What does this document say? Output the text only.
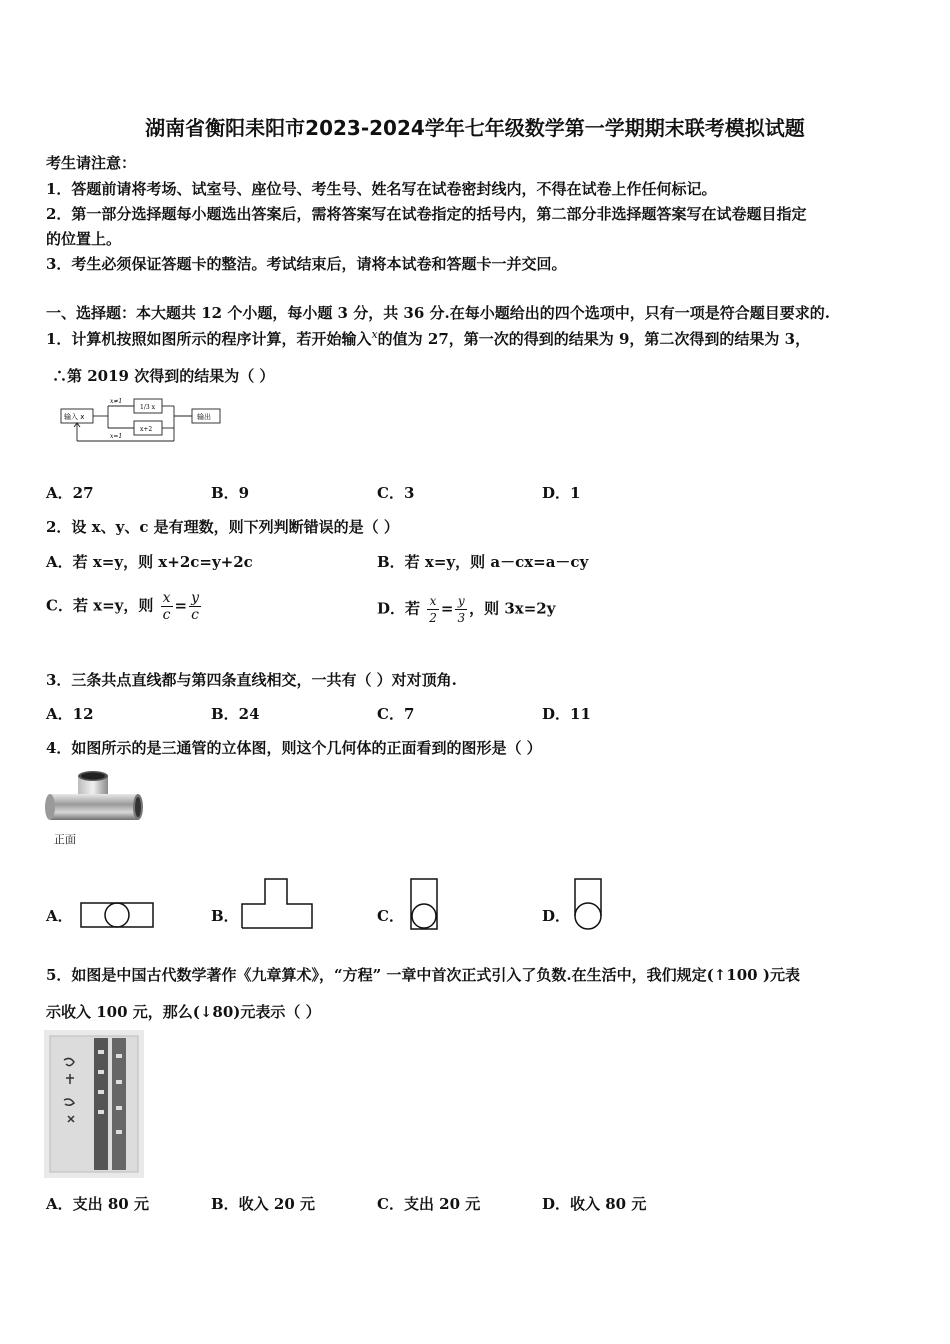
湖南省衡阳耒阳市2023-2024学年七年级数学第一学期期末联考模拟试题
考生请注意：
1．答题前请将考场、试室号、座位号、考生号、姓名写在试卷密封线内，不得在试卷上作任何标记。
2．第一部分选择题每小题选出答案后，需将答案写在试卷指定的括号内，第二部分非选择题答案写在试卷题目指定
的位置上。
3．考生必须保证答题卡的整洁。考试结束后，请将本试卷和答题卡一并交回。
一、选择题：本大题共 12 个小题，每小题 3 分，共 36 分.在每小题给出的四个选项中，只有一项是符合题目要求的.
1．计算机按照如图所示的程序计算，若开始输入$^x$的值为 27，第一次的得到的结果为 9，第二次得到的结果为 3，
∴第 2019 次得到的结果为（ ）
输入 x
x≠1
1/3 x
x+2
x=1
输出
A．27	B．9	C．3	D．1
2．设 x、y、c 是有理数，则下列判断错误的是（ ）
A．若 x=y，则 x+2c=y+2c	B．若 x=y，则 a－cx=a－cy
C．若 x=y，则 $\frac{x}{c} = \frac{y}{c}$	D．若 $\frac{x}{2} = \frac{y}{3}$ ，则 3x=2y
3．三条共点直线都与第四条直线相交，一共有（ ）对对顶角.
A．12	B．24	C．7	D．11
4．如图所示的是三通管的立体图，则这个几何体的正面看到的图形是（ ）
正面
A．	B．	C．	D．
5．如图是中国古代数学著作《九章算术》，“方程” 一章中首次正式引入了负数.在生活中，我们规定(↑100 )元表
示收入 100 元，那么(↓80)元表示（ ）
A．支出 80 元	B．收入 20 元	C．支出 20 元	D．收入 80 元
